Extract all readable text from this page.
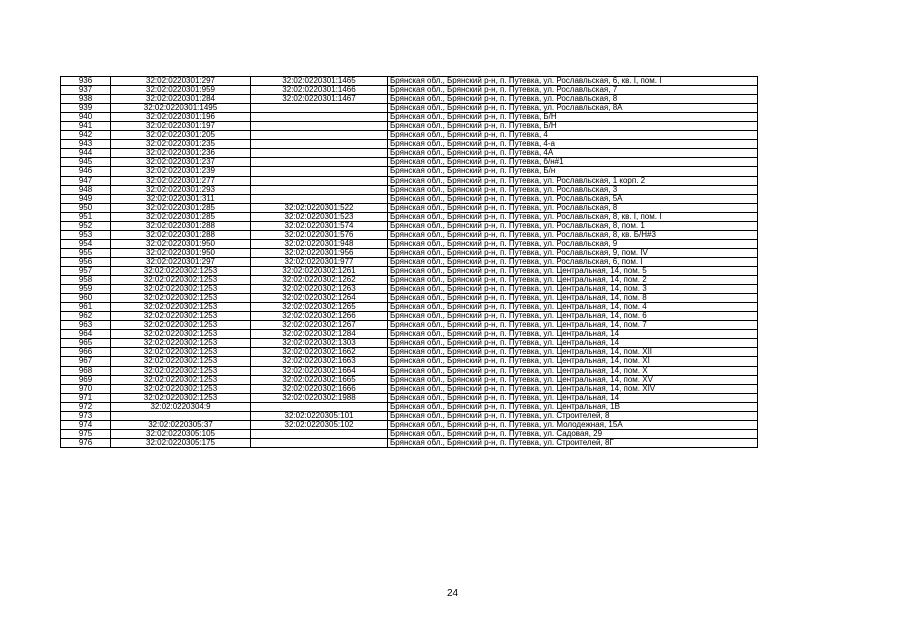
936	32:02:0220301:297	32:02:0220301:1465	Брянская обл., Брянский р-н, п. Путевка, ул. Рославльская, 6, кв. I, пом. I
937	32:02:0220301:959	32:02:0220301:1466	Брянская обл., Брянский р-н, п. Путевка, ул. Рославльская, 7
938	32:02:0220301:284	32:02:0220301:1467	Брянская обл., Брянский р-н, п. Путевка, ул. Рославльская, 8
939	32:02:0220301:1495		Брянская обл., Брянский р-н, п. Путевка, ул. Рославльская, 8А
940	32:02:0220301:196		Брянская обл., Брянский р-н, п. Путевка, Б/Н
941	32:02:0220301:197		Брянская обл., Брянский р-н, п. Путевка, Б/Н
942	32:02:0220301:205		Брянская обл., Брянский р-н, п. Путевка, 4
943	32:02:0220301:235		Брянская обл., Брянский р-н, п. Путевка, 4-а
944	32:02:0220301:236		Брянская обл., Брянский р-н, п. Путевка, 4А
945	32:02:0220301:237		Брянская обл., Брянский р-н, п. Путевка, б/н#1
946	32:02:0220301:239		Брянская обл., Брянский р-н, п. Путевка, Б/н
947	32:02:0220301:277		Брянская обл., Брянский р-н, п. Путевка, ул. Рославльская, 1 корп. 2
948	32:02:0220301:293		Брянская обл., Брянский р-н, п. Путевка, ул. Рославльская, 3
949	32:02:0220301:311		Брянская обл., Брянский р-н, п. Путевка, ул. Рославльская, 5А
950	32:02:0220301:285	32:02:0220301:522	Брянская обл., Брянский р-н, п. Путевка, ул. Рославльская, 8
951	32:02:0220301:285	32:02:0220301:523	Брянская обл., Брянский р-н, п. Путевка, ул. Рославльская, 8, кв. I, пом. I
952	32:02:0220301:288	32:02:0220301:574	Брянская обл., Брянский р-н, п. Путевка, ул. Рославльская, 8, пом. 1
953	32:02:0220301:288	32:02:0220301:576	Брянская обл., Брянский р-н, п. Путевка, ул. Рославльская, 8, кв. Б/Н#3
954	32:02:0220301:950	32:02:0220301:948	Брянская обл., Брянский р-н, п. Путевка, ул. Рославльская, 9
955	32:02:0220301:950	32:02:0220301:956	Брянская обл., Брянский р-н, п. Путевка, ул. Рославльская, 9, пом. IV
956	32:02:0220301:297	32:02:0220301:977	Брянская обл., Брянский р-н, п. Путевка, ул. Рославльская, 6, пом. I
957	32:02:0220302:1253	32:02:0220302:1261	Брянская обл., Брянский р-н, п. Путевка, ул. Центральная, 14, пом. 5
958	32:02:0220302:1253	32:02:0220302:1262	Брянская обл., Брянский р-н, п. Путевка, ул. Центральная, 14, пом. 2
959	32:02:0220302:1253	32:02:0220302:1263	Брянская обл., Брянский р-н, п. Путевка, ул. Центральная, 14, пом. 3
960	32:02:0220302:1253	32:02:0220302:1264	Брянская обл., Брянский р-н, п. Путевка, ул. Центральная, 14, пом. 8
961	32:02:0220302:1253	32:02:0220302:1265	Брянская обл., Брянский р-н, п. Путевка, ул. Центральная, 14, пом. 4
962	32:02:0220302:1253	32:02:0220302:1266	Брянская обл., Брянский р-н, п. Путевка, ул. Центральная, 14, пом. 6
963	32:02:0220302:1253	32:02:0220302:1267	Брянская обл., Брянский р-н, п. Путевка, ул. Центральная, 14, пом. 7
964	32:02:0220302:1253	32:02:0220302:1284	Брянская обл., Брянский р-н, п. Путевка, ул. Центральная, 14
965	32:02:0220302:1253	32:02:0220302:1303	Брянская обл., Брянский р-н, п. Путевка, ул. Центральная, 14
966	32:02:0220302:1253	32:02:0220302:1662	Брянская обл., Брянский р-н, п. Путевка, ул. Центральная, 14, пом. XII
967	32:02:0220302:1253	32:02:0220302:1663	Брянская обл., Брянский р-н, п. Путевка, ул. Центральная, 14, пом. XI
968	32:02:0220302:1253	32:02:0220302:1664	Брянская обл., Брянский р-н, п. Путевка, ул. Центральная, 14, пом. X
969	32:02:0220302:1253	32:02:0220302:1665	Брянская обл., Брянский р-н, п. Путевка, ул. Центральная, 14, пом. XV
970	32:02:0220302:1253	32:02:0220302:1666	Брянская обл., Брянский р-н, п. Путевка, ул. Центральная, 14, пом. XIV
971	32:02:0220302:1253	32:02:0220302:1988	Брянская обл., Брянский р-н, п. Путевка, ул. Центральная, 14
972	32:02:0220304:9		Брянская обл., Брянский р-н, п. Путевка, ул. Центральная, 1В
973		32:02:0220305:101	Брянская обл., Брянский р-н, п. Путевка, ул. Строителей, 8
974	32:02:0220305:37	32:02:0220305:102	Брянская обл., Брянский р-н, п. Путевка, ул. Молодежная, 15А
975	32:02:0220305:105		Брянская обл., Брянский р-н, п. Путевка, ул. Садовая, 29
976	32:02:0220305:175		Брянская обл., Брянский р-н, п. Путевка, ул. Строителей, 8Г
24
